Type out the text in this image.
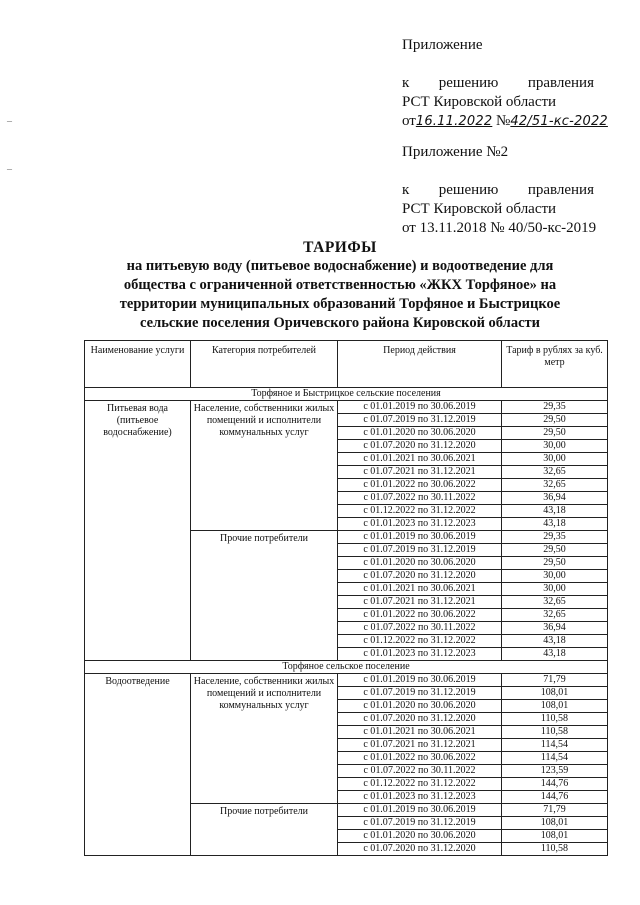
Приложение
к решению правления
РСТ Кировской области
от16.11.2022 №42/51-кс-2022
Приложение №2
к решению правления
РСТ Кировской области
от 13.11.2018 № 40/50-кс-2019
–
–
ТАРИФЫ
на питьевую воду (питьевое водоснабжение) и водоотведение для
общества с ограниченной ответственностью «ЖКХ Торфяное» на
территории муниципальных образований Торфяное и Быстрицкое
сельские поселения Оричевского района Кировской области
Наименование услуги	Категория потребителей	Период действия	Тариф в рублях за куб. метр
Торфяное и Быстрицкое сельские поселения			
Питьевая вода (питьевое водоснабжение)	Население, собственники жилых помещений и исполнители коммунальных услуг	с 01.01.2019 по 30.06.2019	29,35
		с 01.07.2019 по 31.12.2019	29,50
		с 01.01.2020 по 30.06.2020	29,50
		с 01.07.2020 по 31.12.2020	30,00
		с 01.01.2021 по 30.06.2021	30,00
		с 01.07.2021 по 31.12.2021	32,65
		с 01.01.2022 по 30.06.2022	32,65
		с 01.07.2022 по 30.11.2022	36,94
		с 01.12.2022 по 31.12.2022	43,18
		с 01.01.2023 по 31.12.2023	43,18
	Прочие потребители	с 01.01.2019 по 30.06.2019	29,35
		с 01.07.2019 по 31.12.2019	29,50
		с 01.01.2020 по 30.06.2020	29,50
		с 01.07.2020 по 31.12.2020	30,00
		с 01.01.2021 по 30.06.2021	30,00
		с 01.07.2021 по 31.12.2021	32,65
		с 01.01.2022 по 30.06.2022	32,65
		с 01.07.2022 по 30.11.2022	36,94
		с 01.12.2022 по 31.12.2022	43,18
		с 01.01.2023 по 31.12.2023	43,18
Торфяное сельское поселение			
Водоотведение	Население, собственники жилых помещений и исполнители коммунальных услуг	с 01.01.2019 по 30.06.2019	71,79
		с 01.07.2019 по 31.12.2019	108,01
		с 01.01.2020 по 30.06.2020	108,01
		с 01.07.2020 по 31.12.2020	110,58
		с 01.01.2021 по 30.06.2021	110,58
		с 01.07.2021 по 31.12.2021	114,54
		с 01.01.2022 по 30.06.2022	114,54
		с 01.07.2022 по 30.11.2022	123,59
		с 01.12.2022 по 31.12.2022	144,76
		с 01.01.2023 по 31.12.2023	144,76
	Прочие потребители	с 01.01.2019 по 30.06.2019	71,79
		с 01.07.2019 по 31.12.2019	108,01
		с 01.01.2020 по 30.06.2020	108,01
		с 01.07.2020 по 31.12.2020	110,58
